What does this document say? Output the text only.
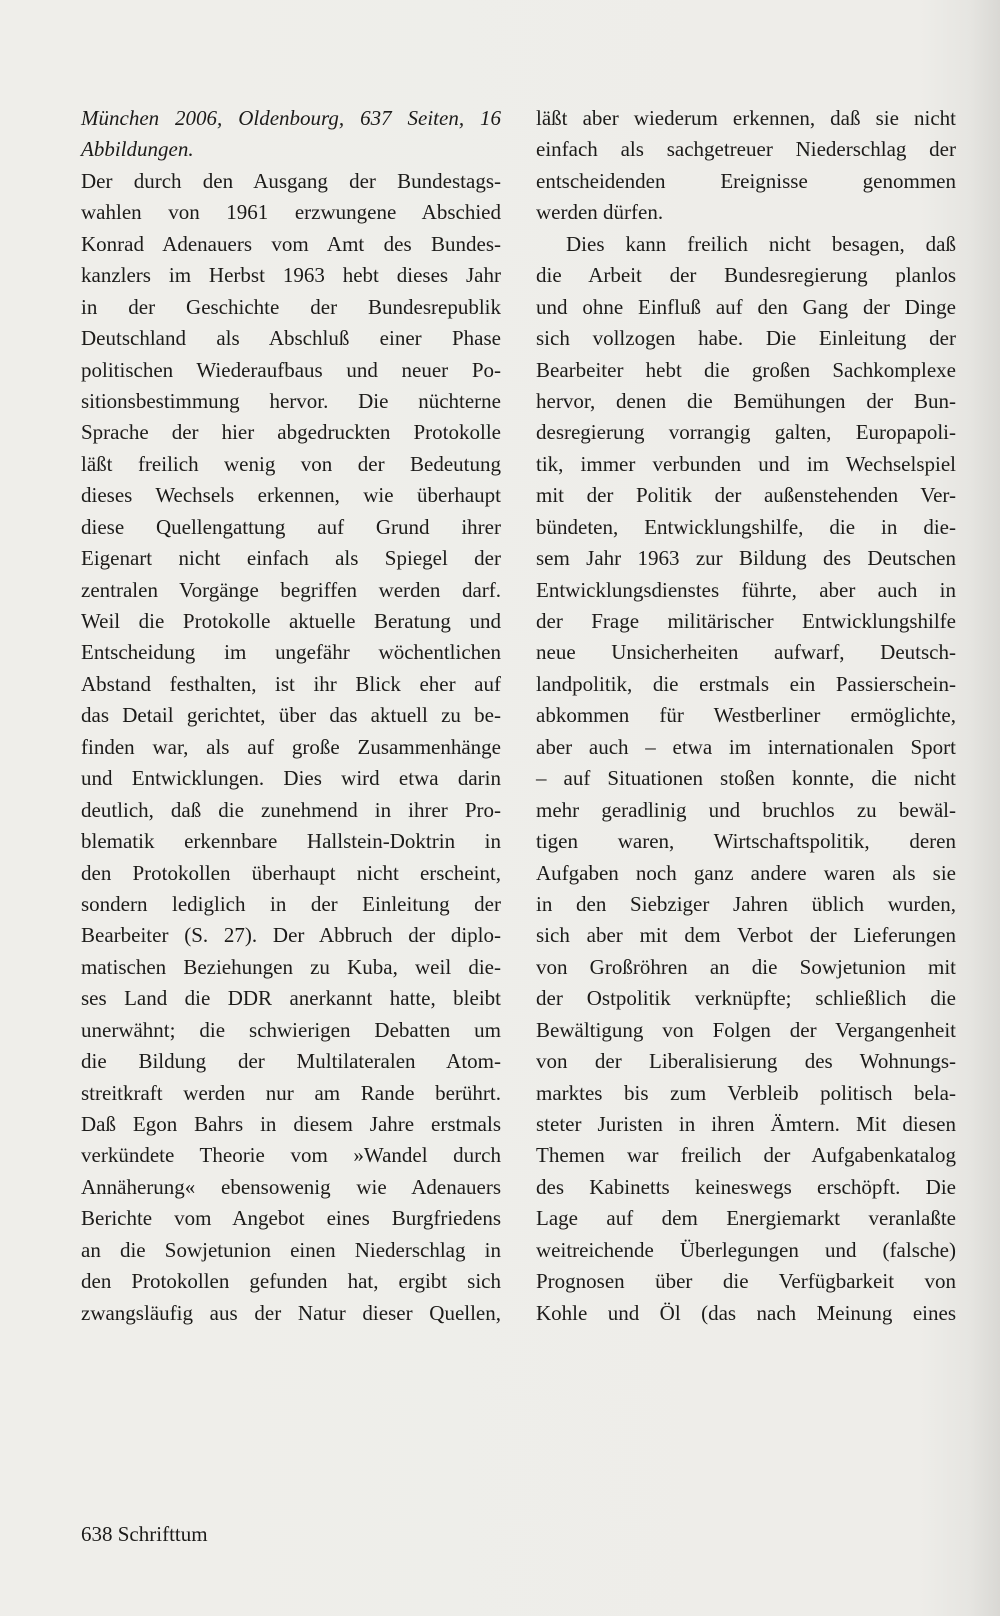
München 2006, Oldenbourg, 637 Seiten, 16
Abbildungen.
Der durch den Ausgang der Bundestags-
wahlen von 1961 erzwungene Abschied
Konrad Adenauers vom Amt des Bundes-
kanzlers im Herbst 1963 hebt dieses Jahr
in der Geschichte der Bundesrepublik
Deutschland als Abschluß einer Phase
politischen Wiederaufbaus und neuer Po-
sitionsbestimmung hervor. Die nüchterne
Sprache der hier abgedruckten Protokolle
läßt freilich wenig von der Bedeutung
dieses Wechsels erkennen, wie überhaupt
diese Quellengattung auf Grund ihrer
Eigenart nicht einfach als Spiegel der
zentralen Vorgänge begriffen werden darf.
Weil die Protokolle aktuelle Beratung und
Entscheidung im ungefähr wöchentlichen
Abstand festhalten, ist ihr Blick eher auf
das Detail gerichtet, über das aktuell zu be-
finden war, als auf große Zusammenhänge
und Entwicklungen. Dies wird etwa darin
deutlich, daß die zunehmend in ihrer Pro-
blematik erkennbare Hallstein-Doktrin in
den Protokollen überhaupt nicht erscheint,
sondern lediglich in der Einleitung der
Bearbeiter (S. 27). Der Abbruch der diplo-
matischen Beziehungen zu Kuba, weil die-
ses Land die DDR anerkannt hatte, bleibt
unerwähnt; die schwierigen Debatten um
die Bildung der Multilateralen Atom-
streitkraft werden nur am Rande berührt.
Daß Egon Bahrs in diesem Jahre erstmals
verkündete Theorie vom »Wandel durch
Annäherung« ebensowenig wie Adenauers
Berichte vom Angebot eines Burgfriedens
an die Sowjetunion einen Niederschlag in
den Protokollen gefunden hat, ergibt sich
zwangsläufig aus der Natur dieser Quellen,
läßt aber wiederum erkennen, daß sie nicht
einfach als sachgetreuer Niederschlag der
entscheidenden Ereignisse genommen
werden dürfen.
Dies kann freilich nicht besagen, daß
die Arbeit der Bundesregierung planlos
und ohne Einfluß auf den Gang der Dinge
sich vollzogen habe. Die Einleitung der
Bearbeiter hebt die großen Sachkomplexe
hervor, denen die Bemühungen der Bun-
desregierung vorrangig galten, Europapoli-
tik, immer verbunden und im Wechselspiel
mit der Politik der außenstehenden Ver-
bündeten, Entwicklungshilfe, die in die-
sem Jahr 1963 zur Bildung des Deutschen
Entwicklungsdienstes führte, aber auch in
der Frage militärischer Entwicklungshilfe
neue Unsicherheiten aufwarf, Deutsch-
landpolitik, die erstmals ein Passierschein-
abkommen für Westberliner ermöglichte,
aber auch – etwa im internationalen Sport
– auf Situationen stoßen konnte, die nicht
mehr geradlinig und bruchlos zu bewäl-
tigen waren, Wirtschaftspolitik, deren
Aufgaben noch ganz andere waren als sie
in den Siebziger Jahren üblich wurden,
sich aber mit dem Verbot der Lieferungen
von Großröhren an die Sowjetunion mit
der Ostpolitik verknüpfte; schließlich die
Bewältigung von Folgen der Vergangenheit
von der Liberalisierung des Wohnungs-
marktes bis zum Verbleib politisch bela-
steter Juristen in ihren Ämtern. Mit diesen
Themen war freilich der Aufgabenkatalog
des Kabinetts keineswegs erschöpft. Die
Lage auf dem Energiemarkt veranlaßte
weitreichende Überlegungen und (falsche)
Prognosen über die Verfügbarkeit von
Kohle und Öl (das nach Meinung eines
638 Schrifttum
